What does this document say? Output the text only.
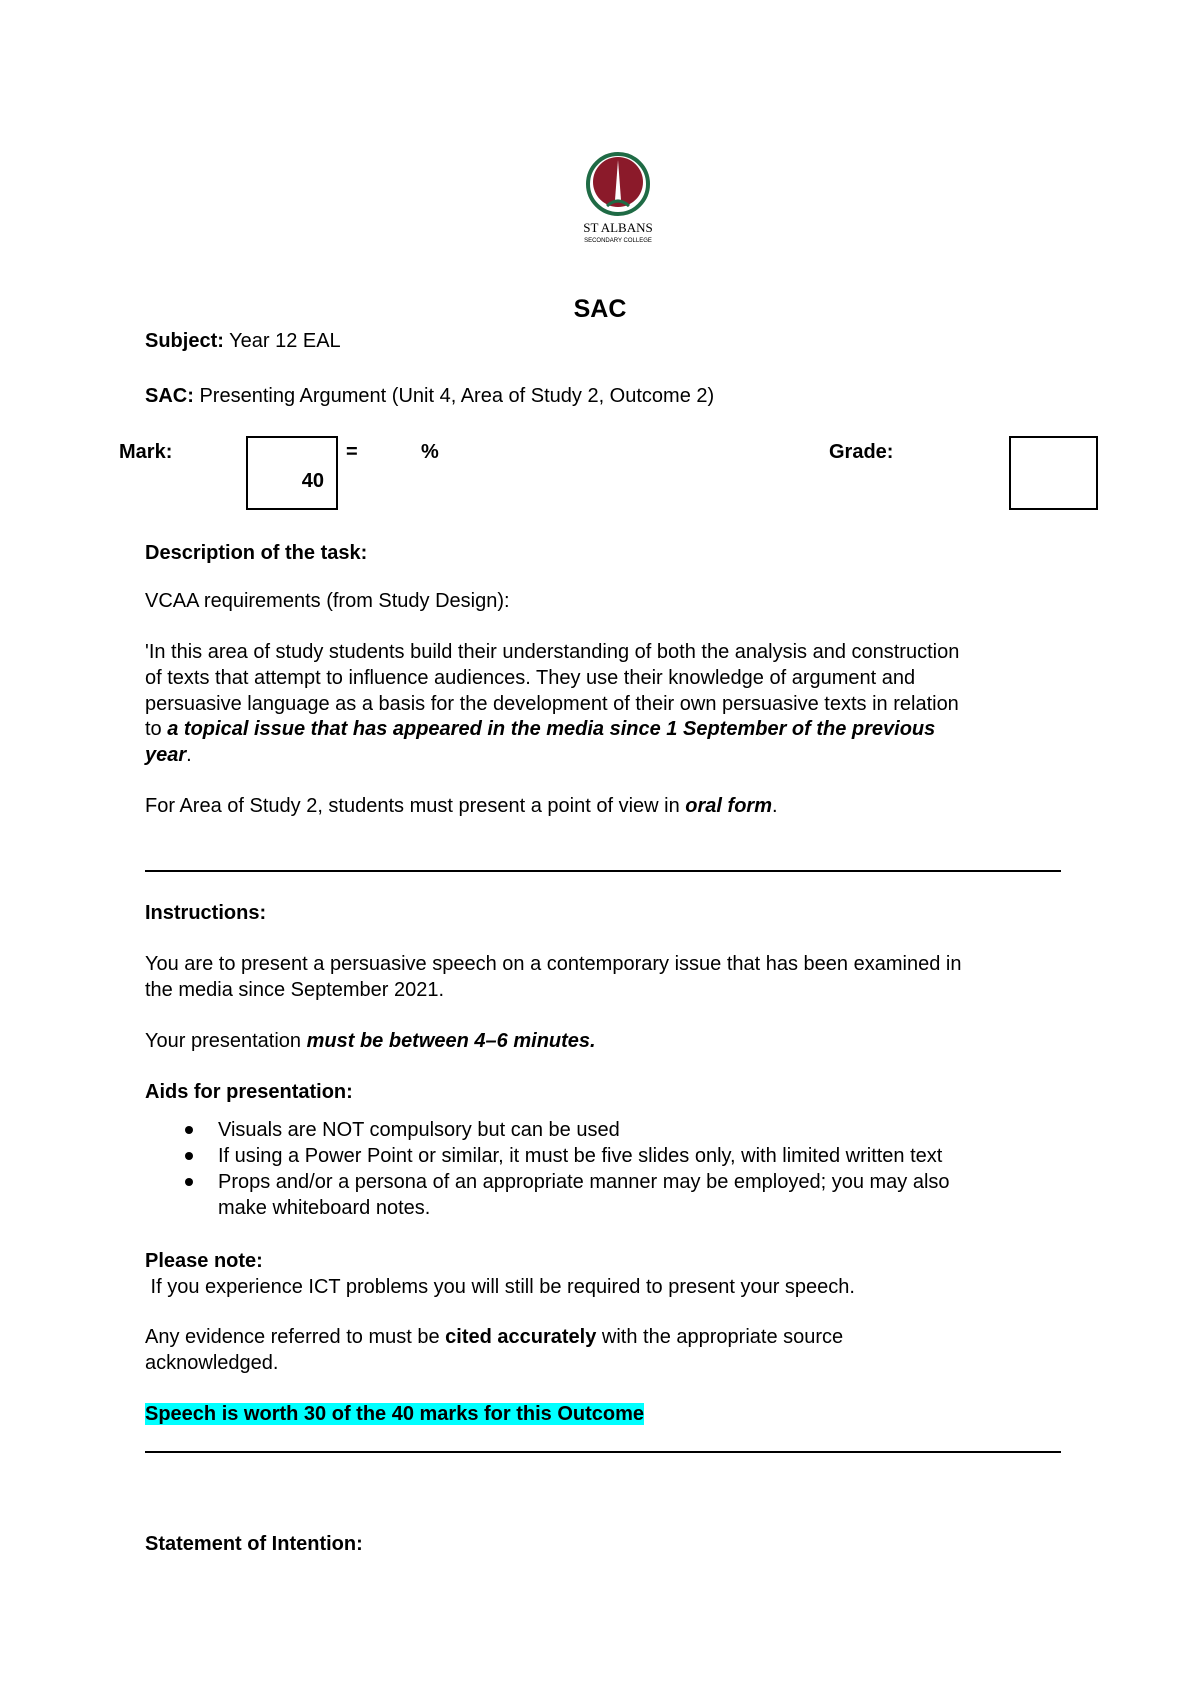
ST ALBANS
SECONDARY COLLEGE
SAC
Subject: Year 12 EAL
SAC: Presenting Argument (Unit 4, Area of Study 2, Outcome 2)
Mark:
40
=	%	Grade:
Description of the task:
VCAA requirements (from Study Design):
'In this area of study students build their understanding of both the analysis and construction
of texts that attempt to influence audiences. They use their knowledge of argument and
persuasive language as a basis for the development of their own persuasive texts in relation
to a topical issue that has appeared in the media since 1 September of the previous
year.
For Area of Study 2, students must present a point of view in oral form.
Instructions:
You are to present a persuasive speech on a contemporary issue that has been examined in
the media since September 2021.
Your presentation must be between 4–6 minutes.
Aids for presentation:
Visuals are NOT compulsory but can be used
If using a Power Point or similar, it must be five slides only, with limited written text
Props and/or a persona of an appropriate manner may be employed; you may also
make whiteboard notes.
Please note:
If you experience ICT problems you will still be required to present your speech.
Any evidence referred to must be cited accurately with the appropriate source
acknowledged.
Speech is worth 30 of the 40 marks for this Outcome
Statement of Intention:
